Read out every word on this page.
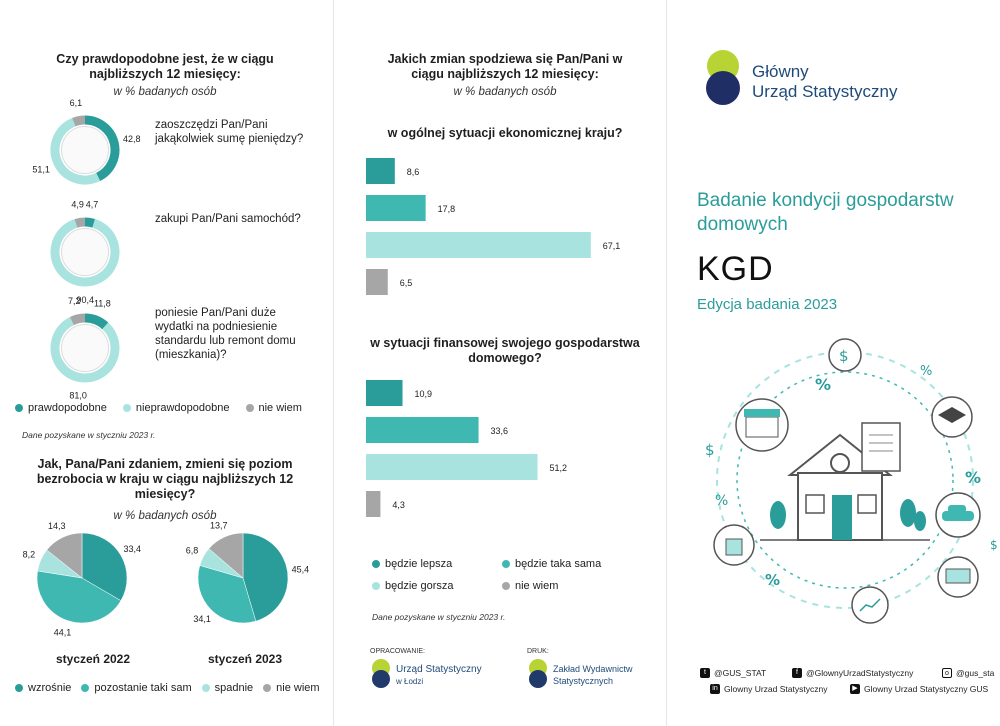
Czy prawdopodobne jest, że w ciągu najbliższych 12 miesięcy:
w % badanych osób
42,8
51,1
6,1
4,7
90,4
4,9
11,8
81,0
7,2
zaoszczędzi Pan/Pani jakąkolwiek sumę pieniędzy?
zakupi Pan/Pani samochód?
poniesie Pan/Pani duże wydatki na podniesienie standardu lub remont domu (mieszkania)?
prawdopodobne	nieprawdopodobne	nie wiem
Dane pozyskane w styczniu 2023 r.
Jak, Pana/Pani zdaniem, zmieni się poziom bezrobocia w kraju w ciągu najbliższych 12 miesięcy?
w % badanych osób
33,4
44,1
8,2
14,3
45,4
34,1
6,8
13,7
styczeń 2022	styczeń 2023
wzrośnie pozostanie taki sam spadnie nie wiem
Jakich zmian spodziewa się Pan/Pani w ciągu najbliższych 12 miesięcy:
w % badanych osób
w ogólnej sytuacji ekonomicznej kraju?
8,6
17,8
67,1
6,5
w sytuacji finansowej swojego gospodarstwa domowego?
10,9
33,6
51,2
4,3
będzie lepsza	będzie taka sama
będzie gorsza	nie wiem
Dane pozyskane w styczniu 2023 r.
OPRACOWANIE:
Urząd Statystyczny
w Łodzi
DRUK:
Zakład Wydawnictw
Statystycznych
Główny
Urząd Statystyczny
Badanie kondycji gospodarstw
domowych
KGD
Edycja badania 2023
$
%
$
%
%
%
%
$
t @GUS_STAT	f @GlownyUrzadStatystyczny	o @gus_sta
in Glowny Urzad Statystyczny	▶ Glowny Urzad Statystyczny GUS
